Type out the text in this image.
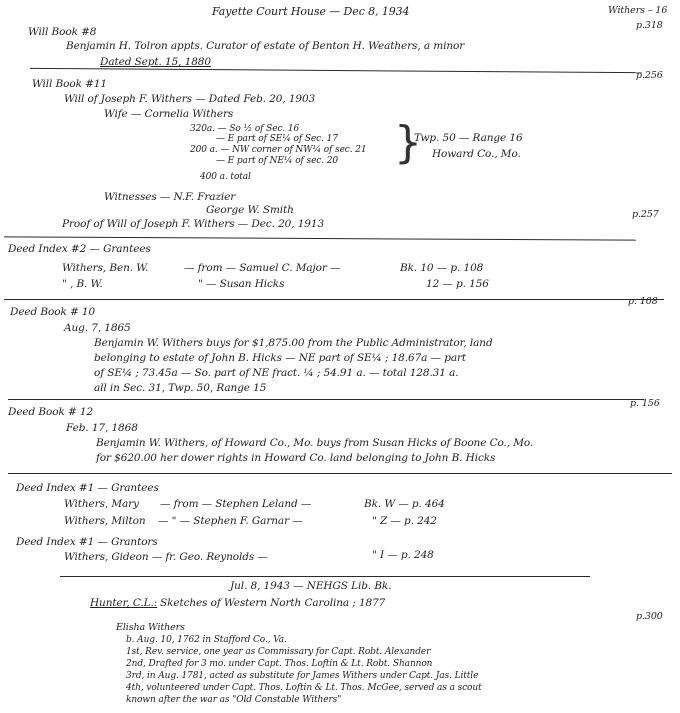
Fayette Court House — Dec 8, 1934	Withers – 16
p.318
Will Book #8
Benjamin H. Tolron appts. Curator of estate of Benton H. Weathers, a minor
Dated Sept. 15, 1880
Will Book #11
p.256
Will of Joseph F. Withers — Dated Feb. 20, 1903
Wife — Cornelia Withers
320a. — So ½ of Sec. 16
— E part of SE¼ of Sec. 17
200 a. — NW corner of NW¼ of sec. 21
— E part of NE¼ of sec. 20 }
Twp. 50 — Range 16
Howard Co., Mo.
400 a. total
Witnesses — N.F. Frazier
George W. Smith
Proof of Will of Joseph F. Withers — Dec. 20, 1913
p.257
Deed Index #2 — Grantees
Withers, Ben. W.	— from — Samuel C. Major —	Bk. 10 — p. 108
" , B. W.	" — Susan Hicks	12 — p. 156
Deed Book # 10
p. 108
Aug. 7, 1865
Benjamin W. Withers buys for $1,875.00 from the Public Administrator, land
belonging to estate of John B. Hicks — NE part of SE¼ ; 18.67a — part
of SE¼ ; 73.45a — So. part of NE fract. ¼ ; 54.91 a. — total 128.31 a.
all in Sec. 31, Twp. 50, Range 15
Deed Book # 12
p. 156
Feb. 17, 1868
Benjamin W. Withers, of Howard Co., Mo. buys from Susan Hicks of Boone Co., Mo.
for $620.00 her dower rights in Howard Co. land belonging to John B. Hicks
Deed Index #1 — Grantees
Withers, Mary — from — Stephen Leland —	Bk. W — p. 464
Withers, Milton — " — Stephen F. Garnar —	" Z — p. 242
Deed Index #1 — Grantors
Withers, Gideon — fr. Geo. Reynolds —	" I — p. 248
Jul. 8, 1943 — NEHGS Lib. Bk.
Hunter, C.L.: Sketches of Western North Carolina ; 1877
p.300
Elisha Withers
b. Aug. 10, 1762 in Stafford Co., Va.
1st, Rev. service, one year as Commissary for Capt. Robt. Alexander
2nd, Drafted for 3 mo. under Capt. Thos. Loftin & Lt. Robt. Shannon
3rd, in Aug. 1781, acted as substitute for James Withers under Capt. Jas. Little
4th, volunteered under Capt. Thos. Loftin & Lt. Thos. McGee, served as a scout
known after the war as "Old Constable Withers"
